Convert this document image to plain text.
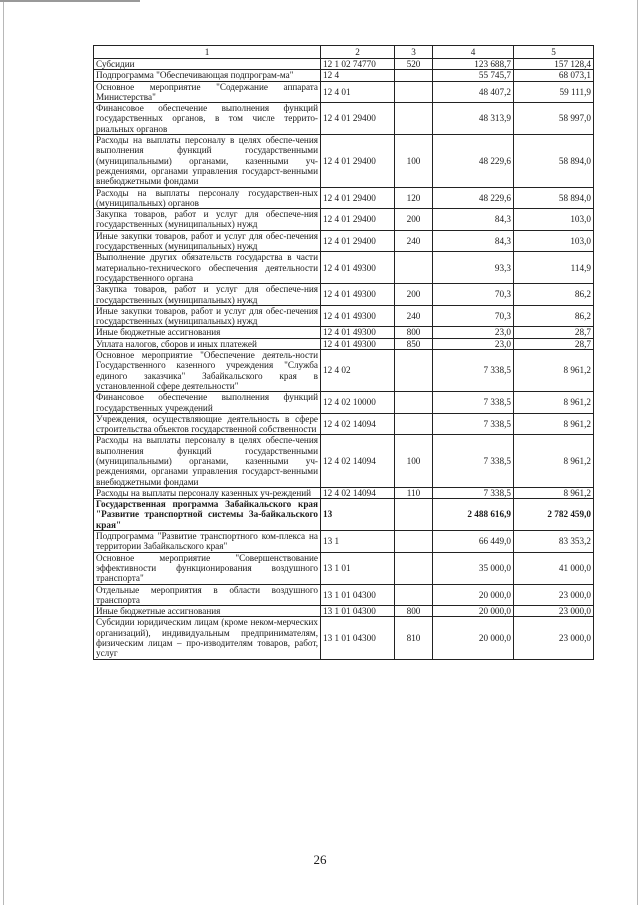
1	2	3	4	5
Субсидии	12 1 02 74770	520	123 688,7	157 128,4
Подпрограмма "Обеспечивающая подпрограм-ма"	12 4		55 745,7	68 073,1
Основное мероприятие "Содержание аппарата Министерства"	12 4 01		48 407,2	59 111,9
Финансовое обеспечение выполнения функций государственных органов, в том числе террито-риальных органов	12 4 01 29400		48 313,9	58 997,0
Расходы на выплаты персоналу в целях обеспе-чения выполнения функций государственными (муниципальными) органами, казенными уч-реждениями, органами управления государст-венными внебюджетными фондами	12 4 01 29400	100	48 229,6	58 894,0
Расходы на выплаты персоналу государствен-ных (муниципальных) органов	12 4 01 29400	120	48 229,6	58 894,0
Закупка товаров, работ и услуг для обеспече-ния государственных (муниципальных) нужд	12 4 01 29400	200	84,3	103,0
Иные закупки товаров, работ и услуг для обес-печения государственных (муниципальных) нужд	12 4 01 29400	240	84,3	103,0
Выполнение других обязательств государства в части материально-технического обеспечения деятельности государственного органа	12 4 01 49300		93,3	114,9
Закупка товаров, работ и услуг для обеспече-ния государственных (муниципальных) нужд	12 4 01 49300	200	70,3	86,2
Иные закупки товаров, работ и услуг для обес-печения государственных (муниципальных) нужд	12 4 01 49300	240	70,3	86,2
Иные бюджетные ассигнования	12 4 01 49300	800	23,0	28,7
Уплата налогов, сборов и иных платежей	12 4 01 49300	850	23,0	28,7
Основное мероприятие "Обеспечение деятель-ности Государственного казенного учреждения "Служба единого заказчика" Забайкальского края в установленной сфере деятельности"	12 4 02		7 338,5	8 961,2
Финансовое обеспечение выполнения функций государственных учреждений	12 4 02 10000		7 338,5	8 961,2
Учреждения, осуществляющие деятельность в сфере строительства объектов государственной собственности	12 4 02 14094		7 338,5	8 961,2
Расходы на выплаты персоналу в целях обеспе-чения выполнения функций государственными (муниципальными) органами, казенными уч-реждениями, органами управления государст-венными внебюджетными фондами	12 4 02 14094	100	7 338,5	8 961,2
Расходы на выплаты персоналу казенных уч-реждений	12 4 02 14094	110	7 338,5	8 961,2
Государственная программа Забайкальского края "Развитие транспортной системы За-байкальского края"	13		2 488 616,9	2 782 459,0
Подпрограмма "Развитие транспортного ком-плекса на территории Забайкальского края"	13 1		66 449,0	83 353,2
Основное мероприятие "Совершенствование эффективности функционирования воздушного транспорта"	13 1 01		35 000,0	41 000,0
Отдельные мероприятия в области воздушного транспорта	13 1 01 04300		20 000,0	23 000,0
Иные бюджетные ассигнования	13 1 01 04300	800	20 000,0	23 000,0
Субсидии юридическим лицам (кроме неком-мерческих организаций), индивидуальным предпринимателям, физическим лицам – про-изводителям товаров, работ, услуг	13 1 01 04300	810	20 000,0	23 000,0
26
